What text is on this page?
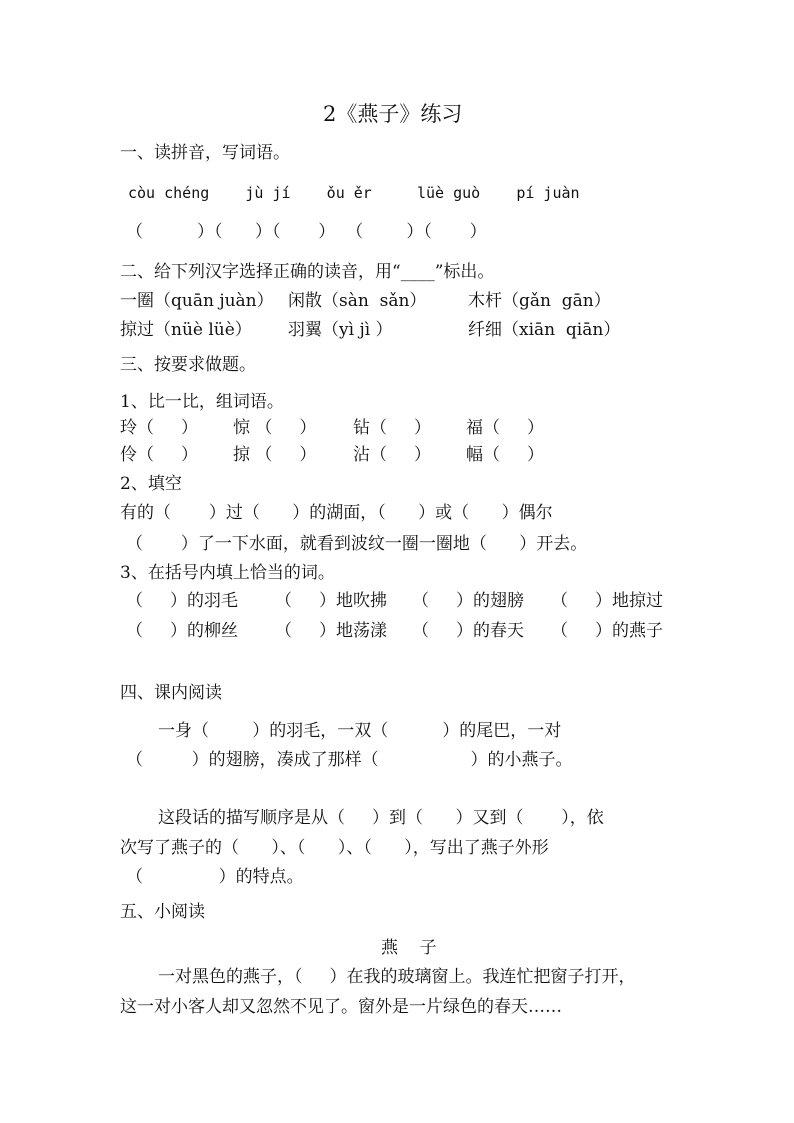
2《燕子》练习
一、读拼音，写词语。
còu chéng    jù jí    ǒu ěr     lüè guò    pí juàn
（          ）（      ）（       ）  （        ）（       ）
二、给下列汉字选择正确的读音，用“____”标出。
一圈（quān juàn） 闲散（sàn  sǎn） 木杆（gǎn  gān）
掠过（nüè lüè） 羽翼（yì jì ）	纤细（xiān  qiān）
三、按要求做题。
1、比一比，组词语。
玲（     ） 惊 （     ） 钻（     ） 福（     ）
伶（     ） 掠 （     ） 沾（     ） 幅（     ）
2、填空
有的（       ）过（      ）的湖面，（      ）或（      ）偶尔
（       ）了一下水面，就看到波纹一圈一圈地（      ）开去。
3、在括号内填上恰当的词。
（     ）的羽毛 （     ）地吹拂 （     ）的翅膀 （     ）地掠过
（     ）的柳丝 （     ）地荡漾 （     ）的春天 （     ）的燕子
四、课内阅读
一身（        ）的羽毛，一双（          ）的尾巴，一对
（         ）的翅膀，凑成了那样（                 ）的小燕子。
这段话的描写顺序是从（     ）到（      ）又到（       ），依
次写了燕子的（      ）、（      ）、（      ），写出了燕子外形
（              ）的特点。
五、小阅读
燕    子
一对黑色的燕子，（     ）在我的玻璃窗上。我连忙把窗子打开，
这一对小客人却又忽然不见了。窗外是一片绿色的春天……
